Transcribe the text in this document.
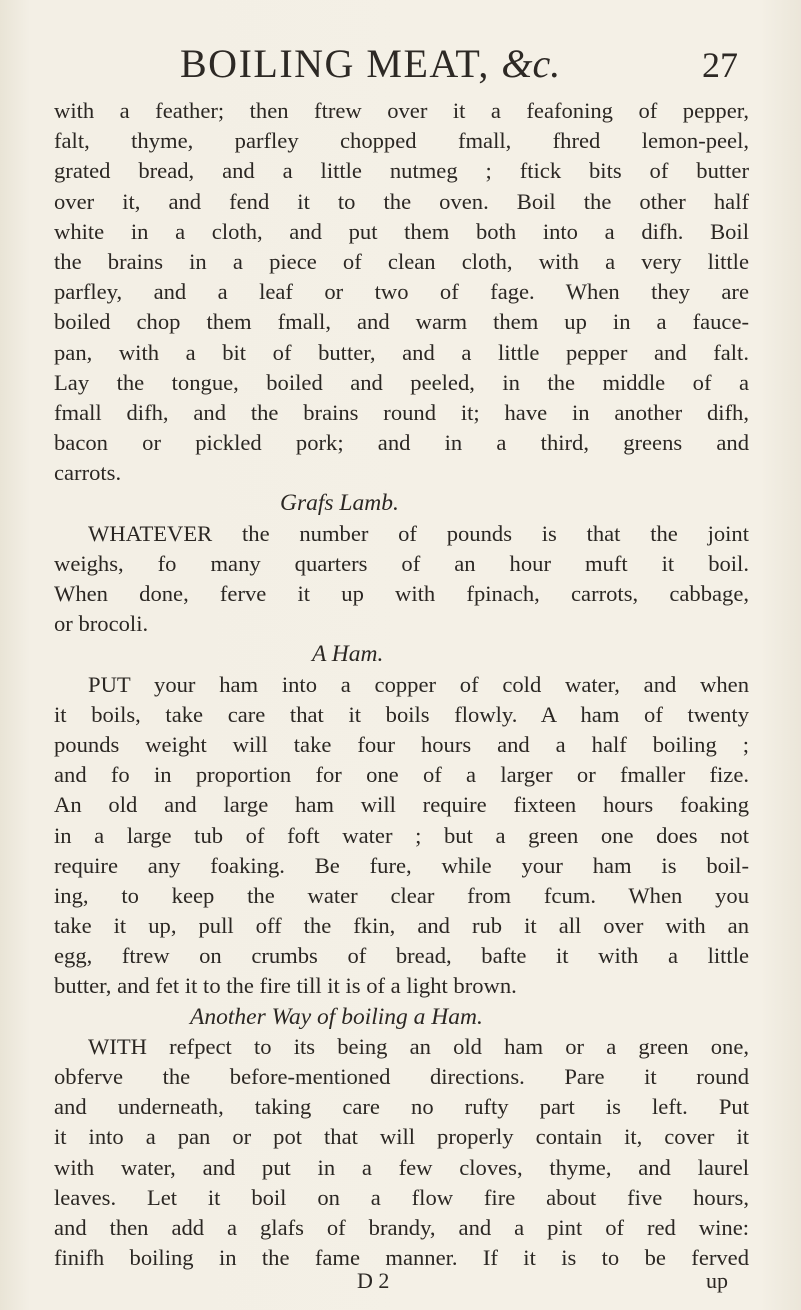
BOILING MEAT, &c.	27
with a feather; then ftrew over it a feafoning of pepper,
falt, thyme, parfley chopped fmall, fhred lemon-peel,
grated bread, and a little nutmeg ; ftick bits of butter
over it, and fend it to the oven. Boil the other half
white in a cloth, and put them both into a difh. Boil
the brains in a piece of clean cloth, with a very little
parfley, and a leaf or two of fage. When they are
boiled chop them fmall, and warm them up in a fauce-
pan, with a bit of butter, and a little pepper and falt.
Lay the tongue, boiled and peeled, in the middle of a
fmall difh, and the brains round it; have in another difh,
bacon or pickled pork; and in a third, greens and
carrots.
Grafs Lamb.
WHATEVER the number of pounds is that the joint
weighs, fo many quarters of an hour muft it boil.
When done, ferve it up with fpinach, carrots, cabbage,
or brocoli.
A Ham.
PUT your ham into a copper of cold water, and when
it boils, take care that it boils flowly. A ham of twenty
pounds weight will take four hours and a half boiling ;
and fo in proportion for one of a larger or fmaller fize.
An old and large ham will require fixteen hours foaking
in a large tub of foft water ; but a green one does not
require any foaking. Be fure, while your ham is boil-
ing, to keep the water clear from fcum. When you
take it up, pull off the fkin, and rub it all over with an
egg, ftrew on crumbs of bread, bafte it with a little
butter, and fet it to the fire till it is of a light brown.
Another Way of boiling a Ham.
WITH refpect to its being an old ham or a green one,
obferve the before-mentioned directions. Pare it round
and underneath, taking care no rufty part is left. Put
it into a pan or pot that will properly contain it, cover it
with water, and put in a few cloves, thyme, and laurel
leaves. Let it boil on a flow fire about five hours,
and then add a glafs of brandy, and a pint of red wine:
finifh boiling in the fame manner. If it is to be ferved
D 2	up
